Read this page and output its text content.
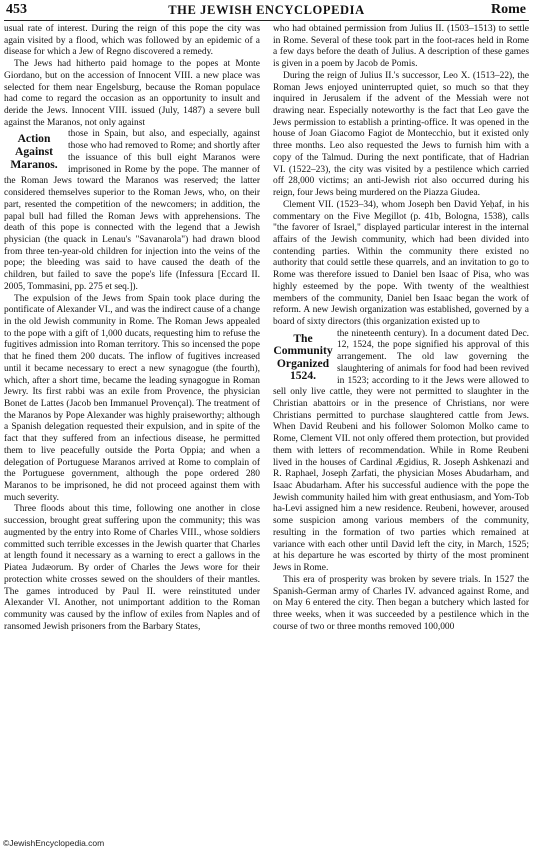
453	THE JEWISH ENCYCLOPEDIA	Rome

usual rate of interest. During the reign of this pope the city was again visited by a flood, which was followed by an epidemic of a disease for which a Jew of Regno discovered a remedy.

The Jews had hitherto paid homage to the popes at Monte Giordano, but on the accession of Innocent VIII. a new place was selected for them near Engelsburg, because the Roman populace had come to regard the occasion as an opportunity to insult and deride the Jews. Innocent VIII. issued (July, 1487) a severe bull against the Maranos, not only against

Action Against Maranos.

those in Spain, but also, and especially, against those who had removed to Rome; and shortly after the issuance of this bull eight Maranos were imprisoned in Rome by the pope. The manner of the Roman Jews toward the Maranos was reserved; the latter considered themselves superior to the Roman Jews, who, on their part, resented the competition of the newcomers; in addition, the papal bull had filled the Roman Jews with apprehensions. The death of this pope is connected with the legend that a Jewish physician (the quack in Lenau's "Savanarola") had drawn blood from three ten-year-old children for injection into the veins of the pope; the bleeding was said to have caused the death of the children, but failed to save the pope's life (Infessura [Eccard II. 2005, Tommasini, pp. 275 et seq.]).

The expulsion of the Jews from Spain took place during the pontificate of Alexander VI., and was the indirect cause of a change in the old Jewish community in Rome. The Roman Jews appealed to the pope with a gift of 1,000 ducats, requesting him to refuse the fugitives admission into Roman territory. This so incensed the pope that he fined them 200 ducats. The inflow of fugitives increased until it became necessary to erect a new synagogue (the fourth), which, after a short time, became the leading synagogue in Roman Jewry. Its first rabbi was an exile from Provence, the physician Bonet de Lattes (Jacob ben Immanuel Provençal). The treatment of the Maranos by Pope Alexander was highly praiseworthy; although a Spanish delegation requested their expulsion, and in spite of the fact that they suffered from an infectious disease, he permitted them to live peacefully outside the Porta Oppia; and when a delegation of Portuguese Maranos arrived at Rome to complain of the Portuguese government, although the pope ordered 280 Maranos to be imprisoned, he did not proceed against them with much severity.

Three floods about this time, following one another in close succession, brought great suffering upon the community; this was augmented by the entry into Rome of Charles VIII., whose soldiers committed such terrible excesses in the Jewish quarter that Charles at length found it necessary as a warning to erect a gallows in the Piatea Judæorum. By order of Charles the Jews wore for their protection white crosses sewed on the shoulders of their mantles. The games introduced by Paul II. were reinstituted under Alexander VI. Another, not unimportant addition to the Roman community was caused by the inflow of exiles from Naples and of ransomed Jewish prisoners from the Barbary States,

who had obtained permission from Julius II. (1503–1513) to settle in Rome. Several of these took part in the foot-races held in Rome a few days before the death of Julius. A description of these games is given in a poem by Jacob de Pomis.

During the reign of Julius II.'s successor, Leo X. (1513–22), the Roman Jews enjoyed uninterrupted quiet, so much so that they inquired in Jerusalem if the advent of the Messiah were not drawing near. Especially noteworthy is the fact that Leo gave the Jews permission to establish a printing-office. It was opened in the house of Joan Giacomo Fagiot de Montecchio, but it existed only three months. Leo also requested the Jews to furnish him with a copy of the Talmud. During the next pontificate, that of Hadrian VI. (1522–23), the city was visited by a pestilence which carried off 28,000 victims; an anti-Jewish riot also occurred during his reign, four Jews being murdered on the Piazza Giudea.

Clement VII. (1523–34), whom Joseph ben David Yeḥaf, in his commentary on the Five Megillot (p. 41b, Bologna, 1538), calls "the favorer of Israel," displayed particular interest in the internal affairs of the Jewish community, which had been divided into contending parties. Within the community there existed no authority that could settle these quarrels, and an invitation to go to Rome was therefore issued to Daniel ben Isaac of Pisa, who was highly esteemed by the pope. With twenty of the wealthiest members of the community, Daniel ben Isaac began the work of reform. A new Jewish organization was established, governed by a board of sixty directors (this organization existed up to

The Community Organized 1524.

the nineteenth century). In a document dated Dec. 12, 1524, the pope signified his approval of this arrangement. The old law governing the slaughtering of animals for food had been revived in 1523; according to it the Jews were allowed to sell only live cattle, they were not permitted to slaughter in the Christian abattoirs or in the presence of Christians, nor were Christians permitted to purchase slaughtered cattle from Jews. When David Reubeni and his follower Solomon Molko came to Rome, Clement VII. not only offered them protection, but provided them with letters of recommendation. While in Rome Reubeni lived in the houses of Cardinal Ægidius, R. Joseph Ashkenazi and R. Raphael, Joseph Ẓarfati, the physician Moses Abudarham, and Isaac Abudarham. After his successful audience with the pope the Jewish community hailed him with great enthusiasm, and Yom-Tob ha-Levi assigned him a new residence. Reubeni, however, aroused some suspicion among various members of the community, resulting in the formation of two parties which remained at variance with each other until David left the city, in March, 1525; at his departure he was escorted by thirty of the most prominent Jews in Rome.

This era of prosperity was broken by severe trials. In 1527 the Spanish-German army of Charles IV. advanced against Rome, and on May 6 entered the city. Then began a butchery which lasted for three weeks, when it was succeeded by a pestilence which in the course of two or three months removed 100,000

©JewishEncyclopedia.com
